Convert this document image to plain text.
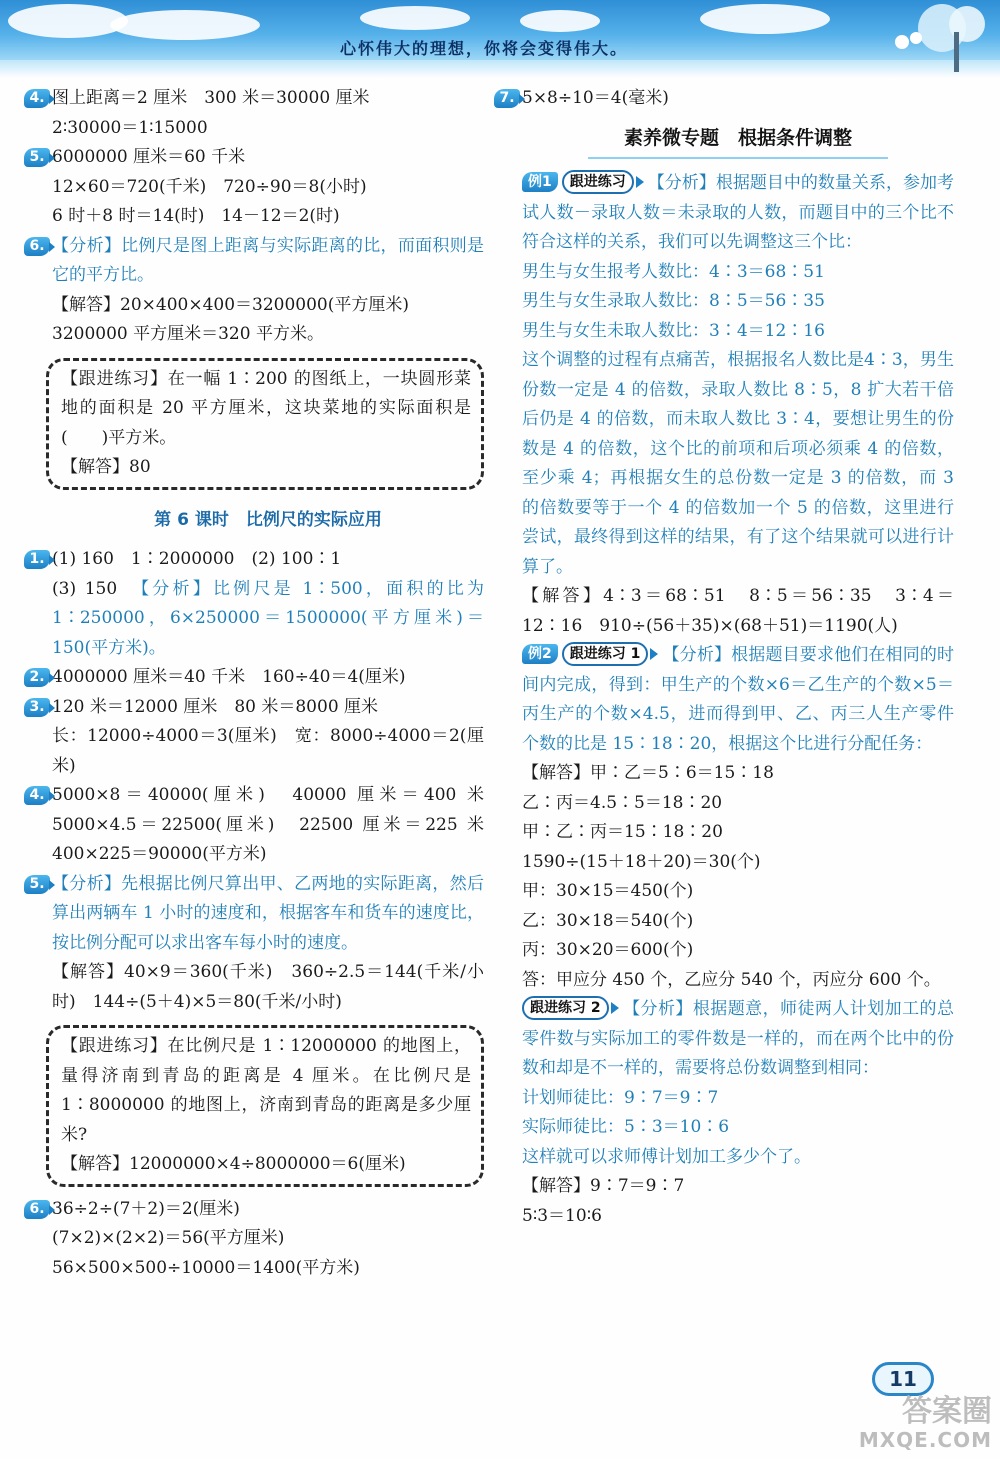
心怀伟大的理想，你将会变得伟大。
4. 图上距离＝2 厘米　300 米＝30000 厘米
2∶30000＝1∶15000
5. 6000000 厘米＝60 千米
12×60＝720(千米)　720÷90＝8(小时)
6 时＋8 时＝14(时)　14－12＝2(时)
6. 【分析】比例尺是图上距离与实际距离的比，而面积则是它的平方比。
【解答】20×400×400＝3200000(平方厘米)
3200000 平方厘米＝320 平方米。
【跟进练习】在一幅 1∶200 的图纸上，一块圆形菜地的面积是 20 平方厘米，这块菜地的实际面积是(　　)平方米。
【解答】80
第 6 课时　比例尺的实际应用
1. (1) 160　1∶2000000　(2) 100∶1
(3) 150　【分析】比例尺是 1∶500，面积的比为 1∶250000，6×250000＝1500000(平方厘米)＝150(平方米)。
2. 4000000 厘米＝40 千米　160÷40＝4(厘米)
3. 120 米＝12000 厘米　80 米＝8000 厘米
长：12000÷4000＝3(厘米)　宽：8000÷4000＝2(厘米)
4. 5000×8＝40000(厘米)　40000 厘米＝400 米　5000×4.5＝22500(厘米)　22500 厘米＝225 米　400×225＝90000(平方米)
5. 【分析】先根据比例尺算出甲、乙两地的实际距离，然后算出两辆车 1 小时的速度和，根据客车和货车的速度比，按比例分配可以求出客车每小时的速度。
【解答】40×9＝360(千米)　360÷2.5＝144(千米/小时)　144÷(5＋4)×5＝80(千米/小时)
【跟进练习】在比例尺是 1∶12000000 的地图上，量得济南到青岛的距离是 4 厘米。在比例尺是 1∶8000000 的地图上，济南到青岛的距离是多少厘米?
【解答】12000000×4÷8000000＝6(厘米)
6. 36÷2÷(7＋2)＝2(厘米)
(7×2)×(2×2)＝56(平方厘米)
56×500×500÷10000＝1400(平方米)
7. 5×8÷10＝4(毫米)
素养微专题　根据条件调整
例1 跟进练习 【分析】根据题目中的数量关系，参加考试人数－录取人数＝未录取的人数，而题目中的三个比不符合这样的关系，我们可以先调整这三个比：
男生与女生报考人数比：4∶3＝68∶51
男生与女生录取人数比：8∶5＝56∶35
男生与女生未取人数比：3∶4＝12∶16
这个调整的过程有点痛苦，根据报名人数比是4∶3，男生份数一定是 4 的倍数，录取人数比 8∶5，8 扩大若干倍后仍是 4 的倍数，而未取人数比 3∶4，要想让男生的份数是 4 的倍数，这个比的前项和后项必须乘 4 的倍数，至少乘 4；再根据女生的总份数一定是 3 的倍数，而 3 的倍数要等于一个 4 的倍数加一个 5 的倍数，这里进行尝试，最终得到这样的结果，有了这个结果就可以进行计算了。
【解答】4∶3＝68∶51　8∶5＝56∶35　3∶4＝12∶16　910÷(56＋35)×(68＋51)＝1190(人)
例2 跟进练习 1 【分析】根据题目要求他们在相同的时间内完成，得到：甲生产的个数×6＝乙生产的个数×5＝丙生产的个数×4.5，进而得到甲、乙、丙三人生产零件个数的比是 15∶18∶20，根据这个比进行分配任务：
【解答】甲∶乙＝5∶6＝15∶18
乙∶丙＝4.5∶5＝18∶20
甲∶乙∶丙＝15∶18∶20
1590÷(15＋18＋20)＝30(个)
甲：30×15＝450(个)
乙：30×18＝540(个)
丙：30×20＝600(个)
答：甲应分 450 个，乙应分 540 个，丙应分 600 个。
跟进练习 2 【分析】根据题意，师徒两人计划加工的总零件数与实际加工的零件数是一样的，而在两个比中的份数和却是不一样的，需要将总份数调整到相同：
计划师徒比：9∶7＝9∶7
实际师徒比：5∶3＝10∶6
这样就可以求师傅计划加工多少个了。
【解答】9∶7＝9∶7
5∶3＝10∶6
11
答案圈
MXQE.COM
